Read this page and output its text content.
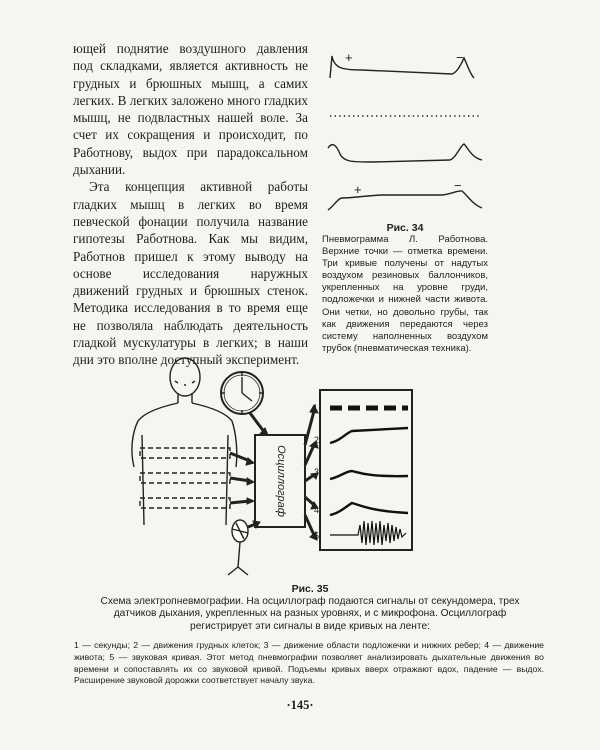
ющей поднятие воздушного давления под складками, является активность не грудных и брюшных мышц, а самих легких. В легких заложено много гладких мышц, не подвластных нашей воле. За счет их сокращения и происходит, по Работнову, выдох при парадоксальном дыхании.

Эта концепция активной работы гладких мышц в легких во время певческой фонации получила название гипотезы Работнова. Как мы видим, Работнов пришел к этому выводу на основе исследования наружных движений грудных и брюшных стенок. Методика исследования в то время еще не позволяла наблюдать деятельность гладкой мускулатуры в легких; в наши дни это вполне доступный эксперимент.

+	−
+	−
Рис. 34
Пневмограмма Л. Работнова. Верхние точки — отметка времени. Три кривые получены от надутых воздухом резиновых баллончиков, укрепленных на уровне груди, подложечки и нижней части живота. Они четки, но довольно грубы, так как движения передаются через систему наполненных воздухом трубок (пневматическая техника).
Осциллограф
1
2
3
4
5
Рис. 35
Схема электропневмографии. На осциллограф подаются сигналы от секундомера, трех датчиков дыхания, укрепленных на разных уровнях, и с микрофона. Осциллограф регистрирует эти сигналы в виде кривых на ленте:
1 — секунды; 2 — движения грудных клеток; 3 — движение области подложечки и нижних ребер; 4 — движение живота; 5 — звуковая кривая. Этот метод пневмографии позволяет анализировать дыхательные движения во времени и сопоставлять их со звуковой кривой. Подъемы кривых вверх отражают вдох, падение — выдох. Расширение звуковой дорожки соответствует началу звука.
·145·
